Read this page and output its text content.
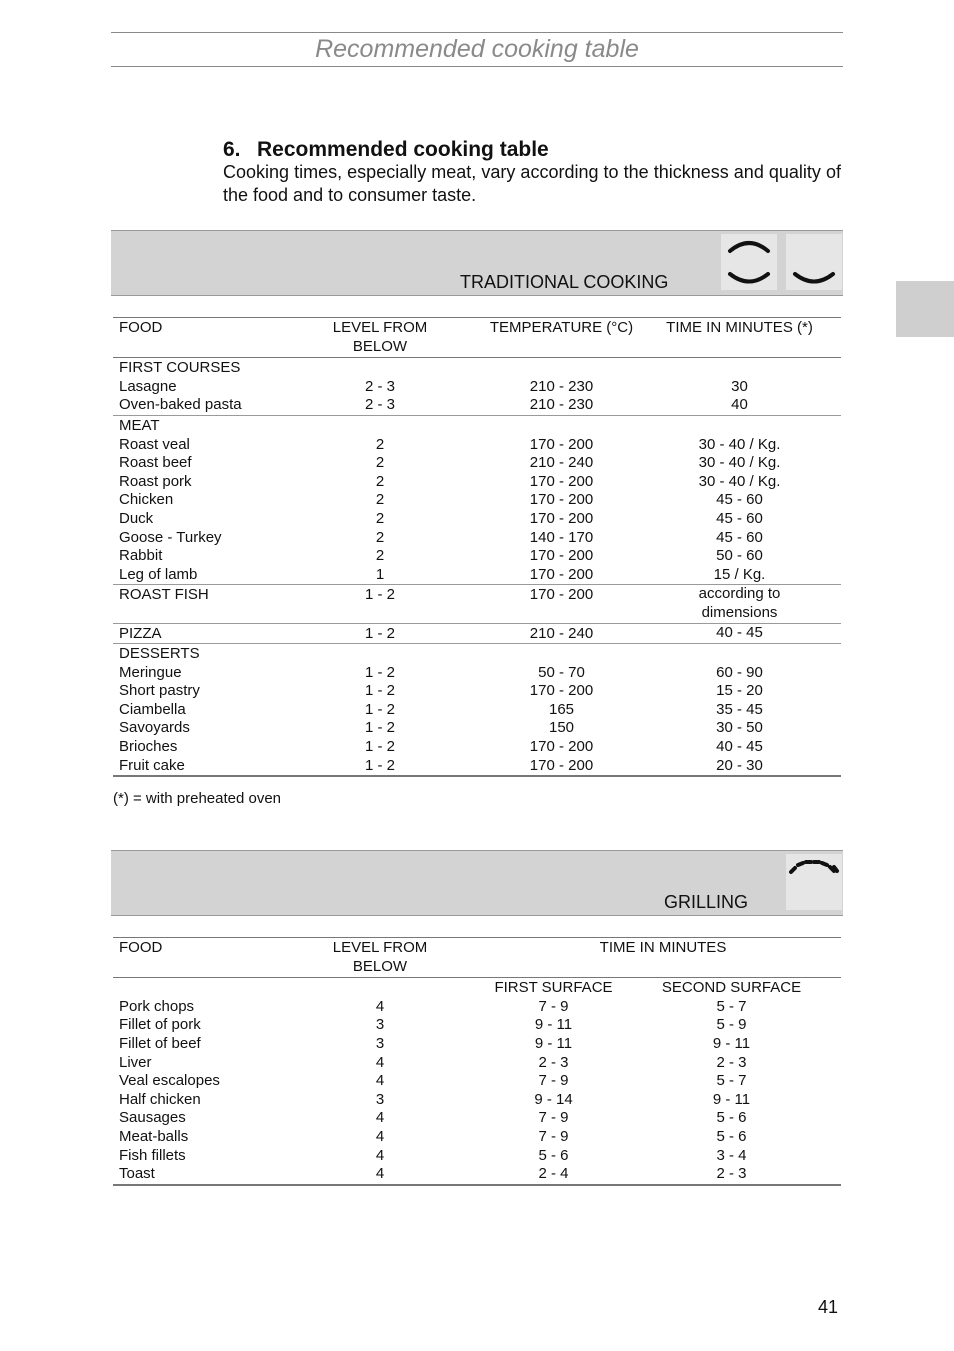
Recommended cooking table
6. Recommended cooking table
Cooking times, especially meat, vary according to the thickness and quality of the food and to consumer taste.
TRADITIONAL COOKING
FOOD	LEVEL FROM BELOW	TEMPERATURE (°C)	TIME IN MINUTES (*)
FIRST COURSES			
Lasagne	2 - 3	210 - 230	30
Oven-baked pasta	2 - 3	210 - 230	40
MEAT			
Roast veal	2	170 - 200	30 - 40 / Kg.
Roast beef	2	210 - 240	30 - 40 / Kg.
Roast pork	2	170 - 200	30 - 40 / Kg.
Chicken	2	170 - 200	45 - 60
Duck	2	170 - 200	45 - 60
Goose - Turkey	2	140 - 170	45 - 60
Rabbit	2	170 - 200	50 - 60
Leg of lamb	1	170 - 200	15 / Kg.
ROAST FISH	1 - 2	170 - 200	according to dimensions
PIZZA	1 - 2	210 - 240	40 - 45
DESSERTS			
Meringue	1 - 2	50 - 70	60 - 90
Short pastry	1 - 2	170 - 200	15 - 20
Ciambella	1 - 2	165	35 - 45
Savoyards	1 - 2	150	30 - 50
Brioches	1 - 2	170 - 200	40 - 45
Fruit cake	1 - 2	170 - 200	20 - 30
(*) = with preheated oven
GRILLING
FOOD	LEVEL FROM BELOW	TIME IN MINUTES	
		FIRST SURFACE	SECOND SURFACE
Pork chops	4	7 - 9	5 - 7
Fillet of pork	3	9 - 11	5 - 9
Fillet of beef	3	9 - 11	9 - 11
Liver	4	2 - 3	2 - 3
Veal escalopes	4	7 - 9	5 - 7
Half chicken	3	9 - 14	9 - 11
Sausages	4	7 - 9	5 - 6
Meat-balls	4	7 - 9	5 - 6
Fish fillets	4	5 - 6	3 - 4
Toast	4	2 - 4	2 - 3
41
